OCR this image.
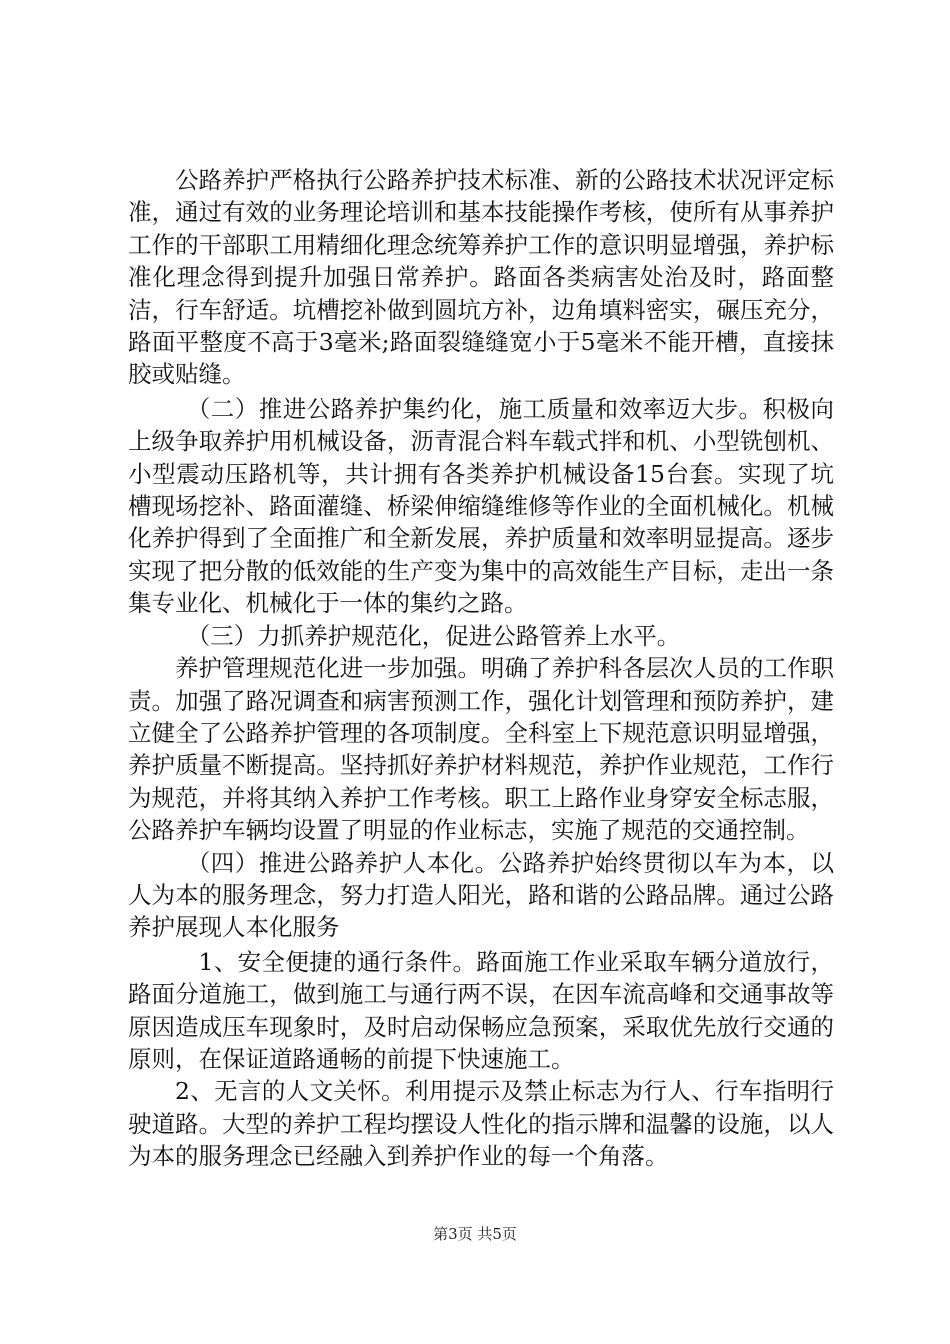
公路养护严格执行公路养护技术标准、新的公路技术状况评定标准，通过有效的业务理论培训和基本技能操作考核，使所有从事养护工作的干部职工用精细化理念统筹养护工作的意识明显增强，养护标准化理念得到提升加强日常养护。路面各类病害处治及时，路面整洁，行车舒适。坑槽挖补做到圆坑方补，边角填料密实，碾压充分，路面平整度不高于3毫米;路面裂缝缝宽小于5毫米不能开槽，直接抹胶或贴缝。

（二）推进公路养护集约化，施工质量和效率迈大步。积极向上级争取养护用机械设备，沥青混合料车载式拌和机、小型铣刨机、小型震动压路机等，共计拥有各类养护机械设备15台套。实现了坑槽现场挖补、路面灌缝、桥梁伸缩缝维修等作业的全面机械化。机械化养护得到了全面推广和全新发展，养护质量和效率明显提高。逐步实现了把分散的低效能的生产变为集中的高效能生产目标，走出一条集专业化、机械化于一体的集约之路。

（三）力抓养护规范化，促进公路管养上水平。

养护管理规范化进一步加强。明确了养护科各层次人员的工作职责。加强了路况调查和病害预测工作，强化计划管理和预防养护，建立健全了公路养护管理的各项制度。全科室上下规范意识明显增强，养护质量不断提高。坚持抓好养护材料规范，养护作业规范，工作行为规范，并将其纳入养护工作考核。职工上路作业身穿安全标志服，公路养护车辆均设置了明显的作业标志，实施了规范的交通控制。

（四）推进公路养护人本化。公路养护始终贯彻以车为本，以人为本的服务理念，努力打造人阳光，路和谐的公路品牌。通过公路养护展现人本化服务

1、安全便捷的通行条件。路面施工作业采取车辆分道放行，路面分道施工，做到施工与通行两不误，在因车流高峰和交通事故等原因造成压车现象时，及时启动保畅应急预案，采取优先放行交通的原则，在保证道路通畅的前提下快速施工。

2、无言的人文关怀。利用提示及禁止标志为行人、行车指明行驶道路。大型的养护工程均摆设人性化的指示牌和温馨的设施，以人为本的服务理念已经融入到养护作业的每一个角落。

第3页 共5页
